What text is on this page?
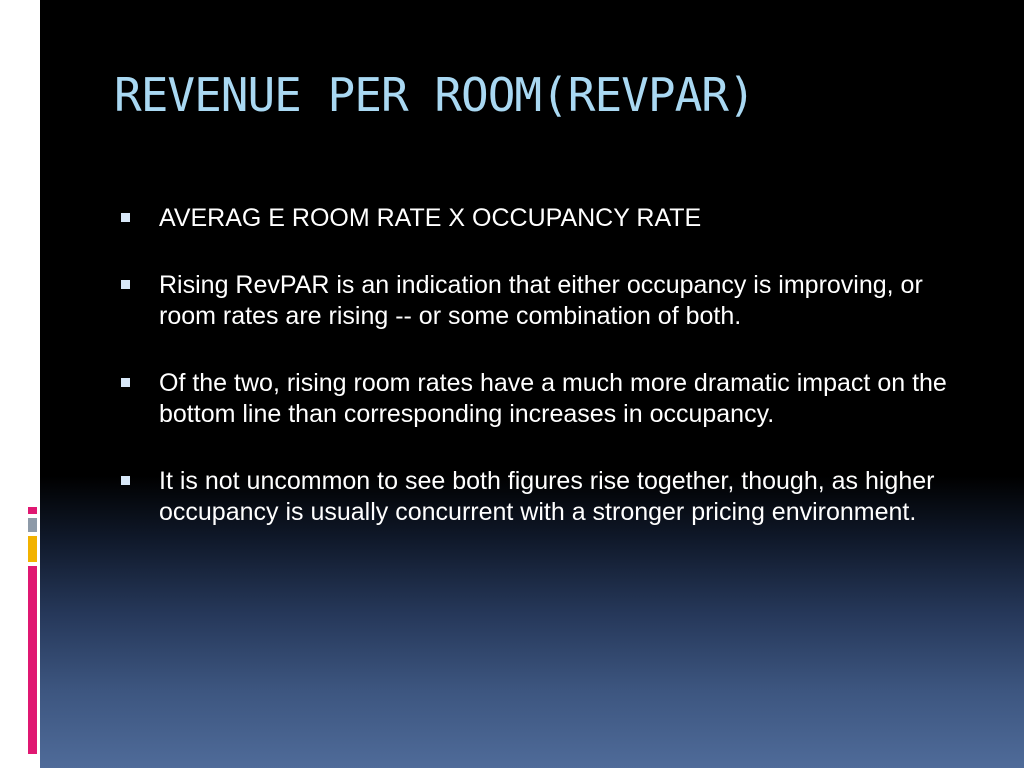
REVENUE PER ROOM(REVPAR)
AVERAG E ROOM RATE X OCCUPANCY RATE
Rising RevPAR is an indication that either occupancy is improving, or room rates are rising -- or some combination of both.
Of the two, rising room rates have a much more dramatic impact on the bottom line than corresponding increases in occupancy.
It is not uncommon to see both figures rise together, though, as higher occupancy is usually concurrent with a stronger pricing environment.
